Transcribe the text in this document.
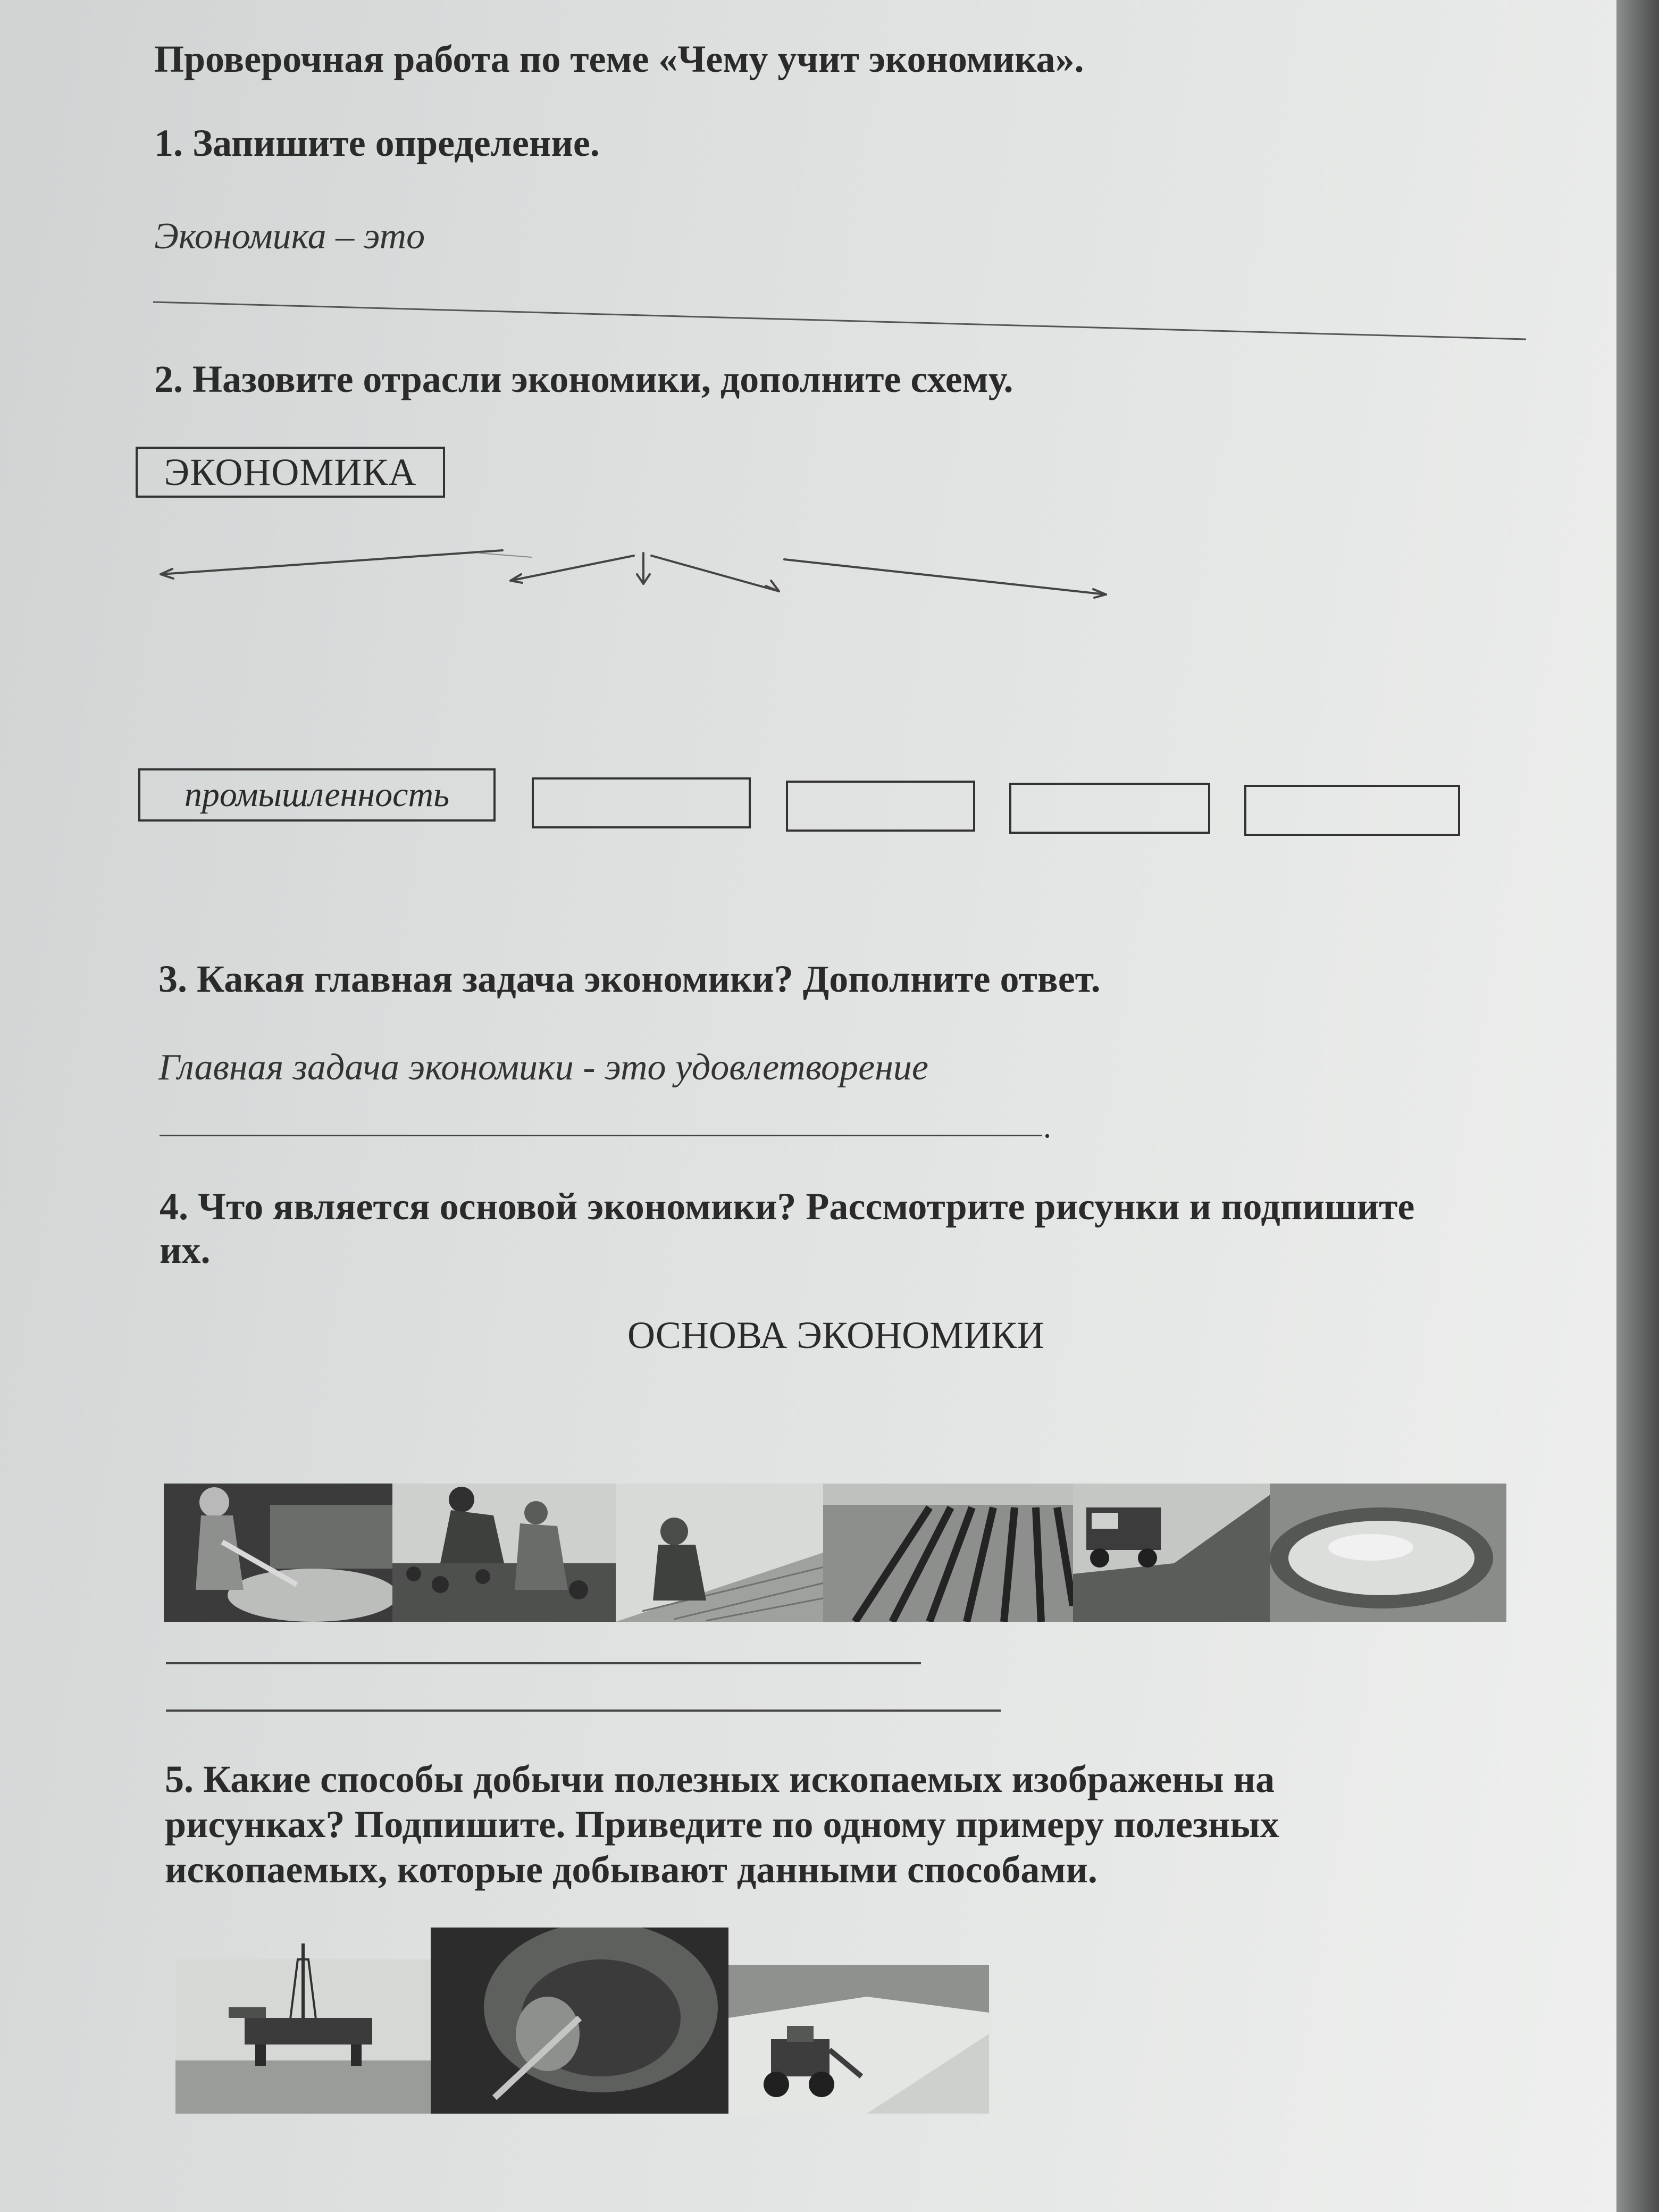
Проверочная работа по теме «Чему учит экономика».
1. Запишите определение.
Экономика – это
2. Назовите отрасли экономики, дополните схему.
ЭКОНОМИКА
промышленность
3. Какая главная задача экономики? Дополните ответ.
Главная задача экономики - это удовлетворение
.
4. Что является основой экономики? Рассмотрите рисунки и подпишите
их.
ОСНОВА ЭКОНОМИКИ
5. Какие способы добычи полезных ископаемых изображены на
рисунках? Подпишите. Приведите по одному примеру полезных
ископаемых, которые добывают данными способами.
